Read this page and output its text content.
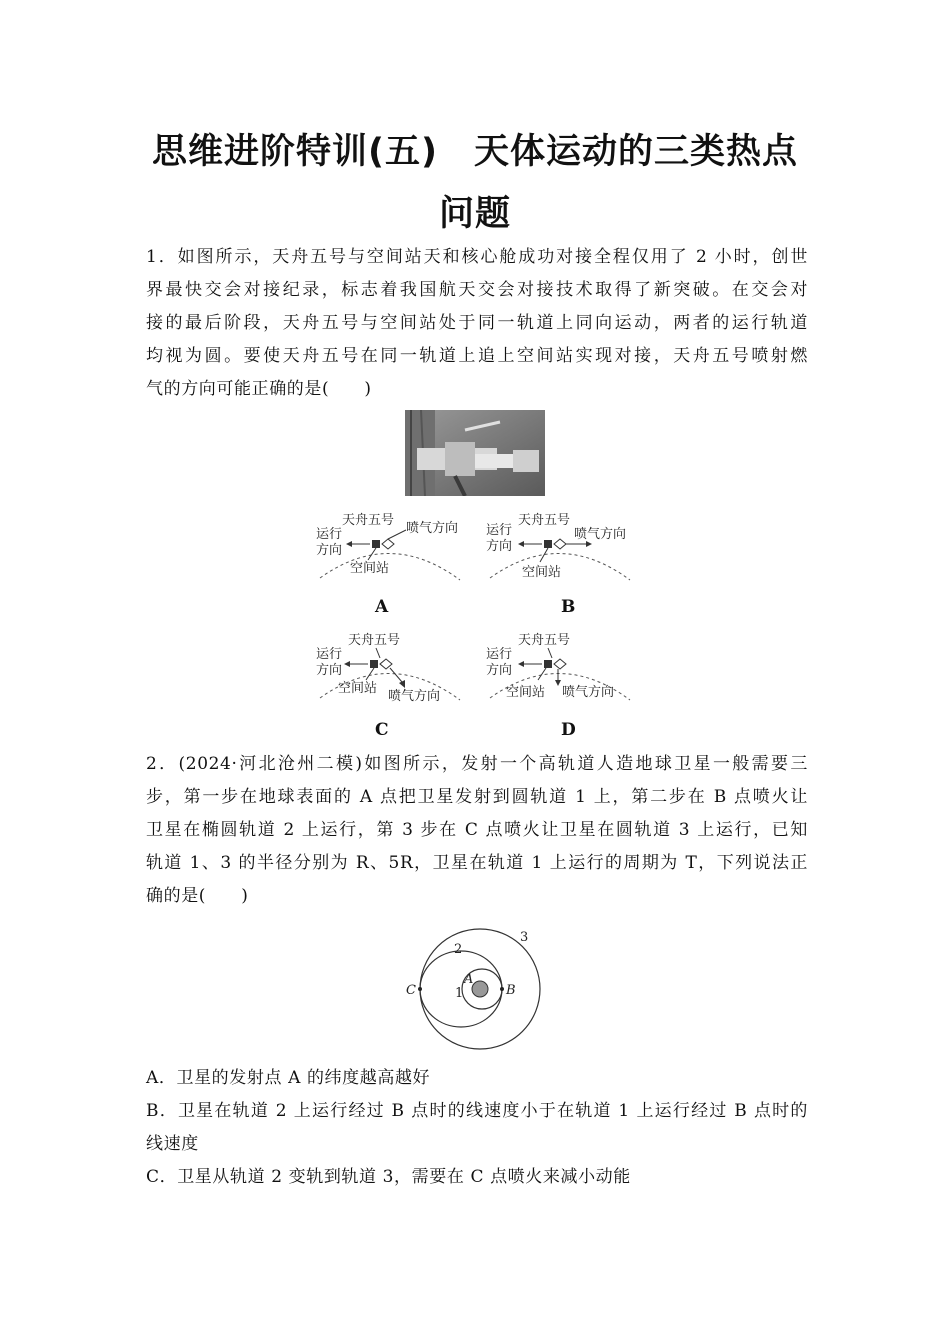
思维进阶特训(五)　天体运动的三类热点
问题
1．如图所示，天舟五号与空间站天和核心舱成功对接全程仅用了 2 小时，创世
界最快交会对接纪录，标志着我国航天交会对接技术取得了新突破。在交会对
接的最后阶段，天舟五号与空间站处于同一轨道上同向运动，两者的运行轨道
均视为圆。要使天舟五号在同一轨道上追上空间站实现对接，天舟五号喷射燃
气的方向可能正确的是(　　)
天舟五号
运行
方向
喷气方向
空间站
天舟五号
运行
方向
喷气方向
空间站
A	B
天舟五号
运行
方向
空间站
喷气方向
天舟五号
运行
方向
空间站 喷气方向
C	D
2．(2024·河北沧州二模)如图所示，发射一个高轨道人造地球卫星一般需要三
步，第一步在地球表面的 A 点把卫星发射到圆轨道 1 上，第二步在 B 点喷火让
卫星在椭圆轨道 2 上运行，第 3 步在 C 点喷火让卫星在圆轨道 3 上运行，已知
轨道 1、3 的半径分别为 R、5R，卫星在轨道 1 上运行的周期为 T，下列说法正
确的是(　　)
2
3
1
A
B
C
A．卫星的发射点 A 的纬度越高越好
B．卫星在轨道 2 上运行经过 B 点时的线速度小于在轨道 1 上运行经过 B 点时的
线速度
C．卫星从轨道 2 变轨到轨道 3，需要在 C 点喷火来减小动能
